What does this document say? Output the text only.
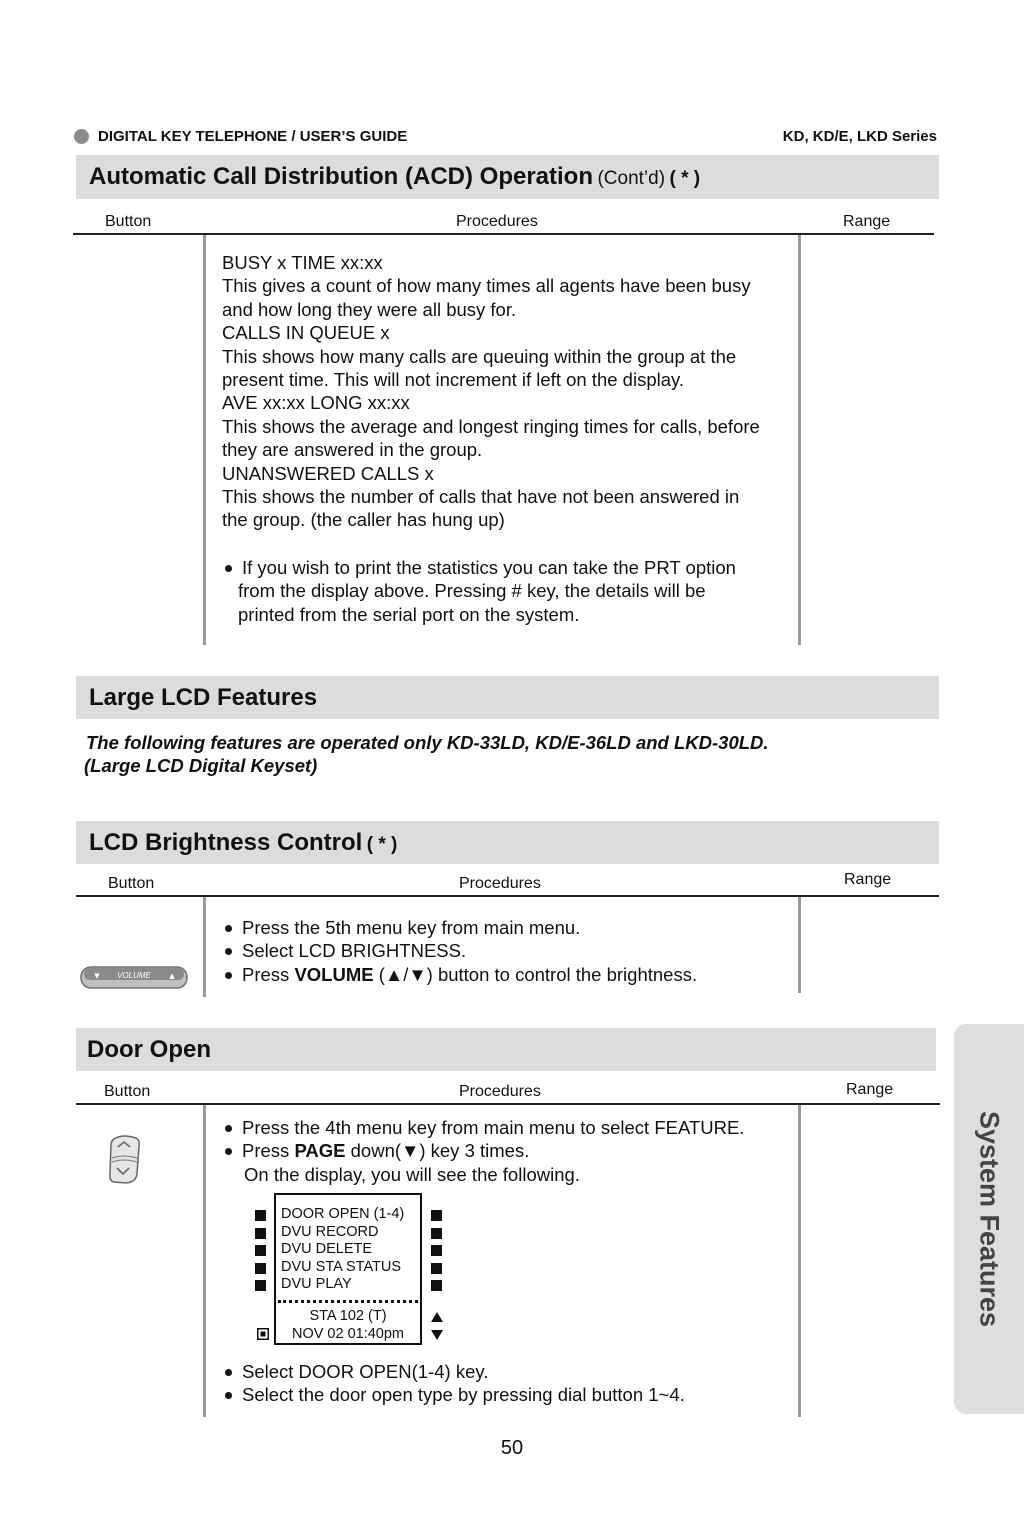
DIGITAL KEY TELEPHONE / USER’S GUIDE	KD, KD/E, LKD Series
Automatic Call Distribution (ACD) Operation (Cont’d) ( * )
Button	Procedures	Range
BUSY x TIME xx:xx
This gives a count of how many times all agents have been busy
and how long they were all busy for.
CALLS IN QUEUE x
This shows how many calls are queuing within the group at the
present time. This will not increment if left on the display.
AVE xx:xx LONG xx:xx
This shows the average and longest ringing times for calls, before
they are answered in the group.
UNANSWERED CALLS x
This shows the number of calls that have not been answered in
the group. (the caller has hung up)
If you wish to print the statistics you can take the PRT option
from the display above. Pressing # key, the details will be
printed from the serial port on the system.
Large LCD Features
The following features are operated only KD-33LD, KD/E-36LD and LKD-30LD.
(Large LCD Digital Keyset)
LCD Brightness Control ( * )
Button	Procedures	Range
VOLUME
▼	▲
Press the 5th menu key from main menu.
Select LCD BRIGHTNESS.
Press VOLUME (▲/▼) button to control the brightness.
Door Open
Button	Procedures	Range
Press the 4th menu key from main menu to select FEATURE.
Press PAGE down(▼) key 3 times.
On the display, you will see the following.
DOOR OPEN (1-4)
DVU RECORD
DVU DELETE
DVU STA STATUS
DVU PLAY
STA 102 (T)
NOV 02 01:40pm
Select DOOR OPEN(1-4) key.
Select the door open type by pressing dial button 1~4.
System Features
50
